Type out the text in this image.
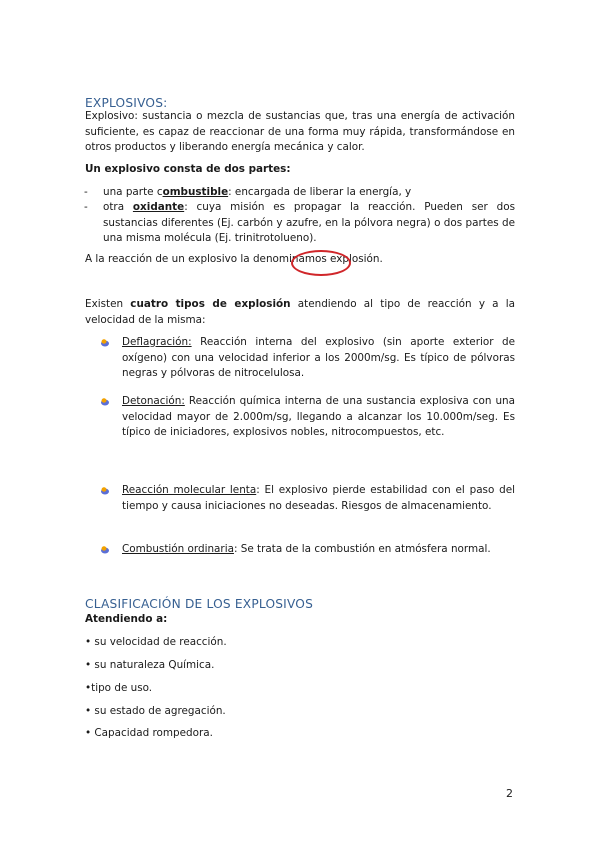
EXPLOSIVOS:
Explosivo: sustancia o mezcla de sustancias que, tras una energía de activación suficiente, es capaz de reaccionar de una forma muy rápida, transformándose en otros productos y liberando energía mecánica y calor.
Un explosivo consta de dos partes:
- una parte combustible: encargada de liberar la energía, y
- otra oxidante: cuya misión es propagar la reacción. Pueden ser dos sustancias diferentes (Ej. carbón y azufre, en la pólvora negra) o dos partes de una misma molécula (Ej. trinitrotolueno).
A la reacción de un explosivo la denominamos explosión.
Existen cuatro tipos de explosión atendiendo al tipo de reacción y a la velocidad de la misma:
Deflagración: Reacción interna del explosivo (sin aporte exterior de oxígeno) con una velocidad inferior a los 2000m/sg. Es típico de pólvoras negras y pólvoras de nitrocelulosa.
Detonación: Reacción química interna de una sustancia explosiva con una velocidad mayor de 2.000m/sg, llegando a alcanzar los 10.000m/seg. Es típico de iniciadores, explosivos nobles, nitrocompuestos, etc.
Reacción molecular lenta: El explosivo pierde estabilidad con el paso del tiempo y causa iniciaciones no deseadas. Riesgos de almacenamiento.
Combustión ordinaria: Se trata de la combustión en atmósfera normal.
CLASIFICACIÓN DE LOS EXPLOSIVOS
Atendiendo a:
• su velocidad de reacción.
• su naturaleza Química.
•tipo de uso.
• su estado de agregación.
• Capacidad rompedora.
2
